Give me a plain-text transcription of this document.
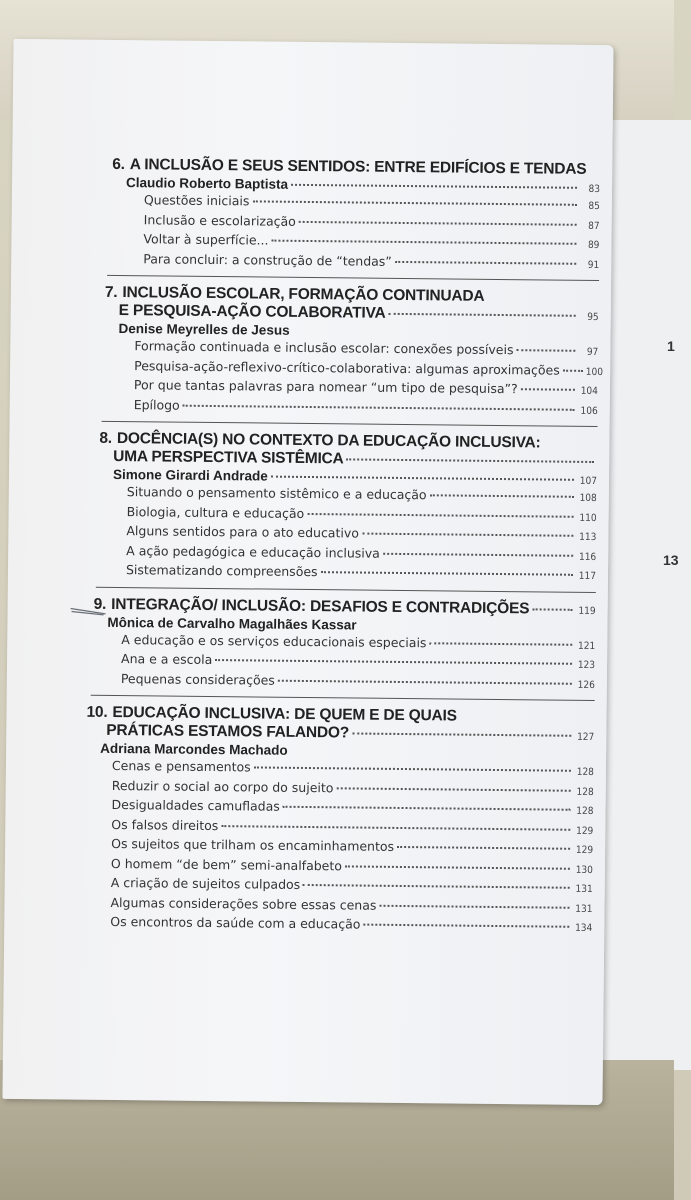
1
13
6. A INCLUSÃO E SEUS SENTIDOS: ENTRE EDIFÍCIOS E TENDAS
Claudio Roberto Baptista	83
Questões iniciais	85
Inclusão e escolarização	87
Voltar à superfície...	89
Para concluir: a construção de “tendas”	91
7. INCLUSÃO ESCOLAR, FORMAÇÃO CONTINUADA
E PESQUISA-AÇÃO COLABORATIVA	95
Denise Meyrelles de Jesus
Formação continuada e inclusão escolar: conexões possíveis	97
Pesquisa-ação-reflexivo-crítico-colaborativa: algumas aproximações	100
Por que tantas palavras para nomear “um tipo de pesquisa”?	104
Epílogo	106
8. DOCÊNCIA(S) NO CONTEXTO DA EDUCAÇÃO INCLUSIVA:
UMA PERSPECTIVA SISTÊMICA
Simone Girardi Andrade	107
Situando o pensamento sistêmico e a educação	108
Biologia, cultura e educação	110
Alguns sentidos para o ato educativo	113
A ação pedagógica e educação inclusiva	116
Sistematizando compreensões	117
9. INTEGRAÇÃO/ INCLUSÃO: DESAFIOS E CONTRADIÇÕES	119
Mônica de Carvalho Magalhães Kassar
A educação e os serviços educacionais especiais	121
Ana e a escola	123
Pequenas considerações	126
10. EDUCAÇÃO INCLUSIVA: DE QUEM E DE QUAIS
PRÁTICAS ESTAMOS FALANDO?	127
Adriana Marcondes Machado
Cenas e pensamentos	128
Reduzir o social ao corpo do sujeito	128
Desigualdades camufladas	128
Os falsos direitos	129
Os sujeitos que trilham os encaminhamentos	129
O homem “de bem” semi-analfabeto	130
A criação de sujeitos culpados	131
Algumas considerações sobre essas cenas	131
Os encontros da saúde com a educação	134
